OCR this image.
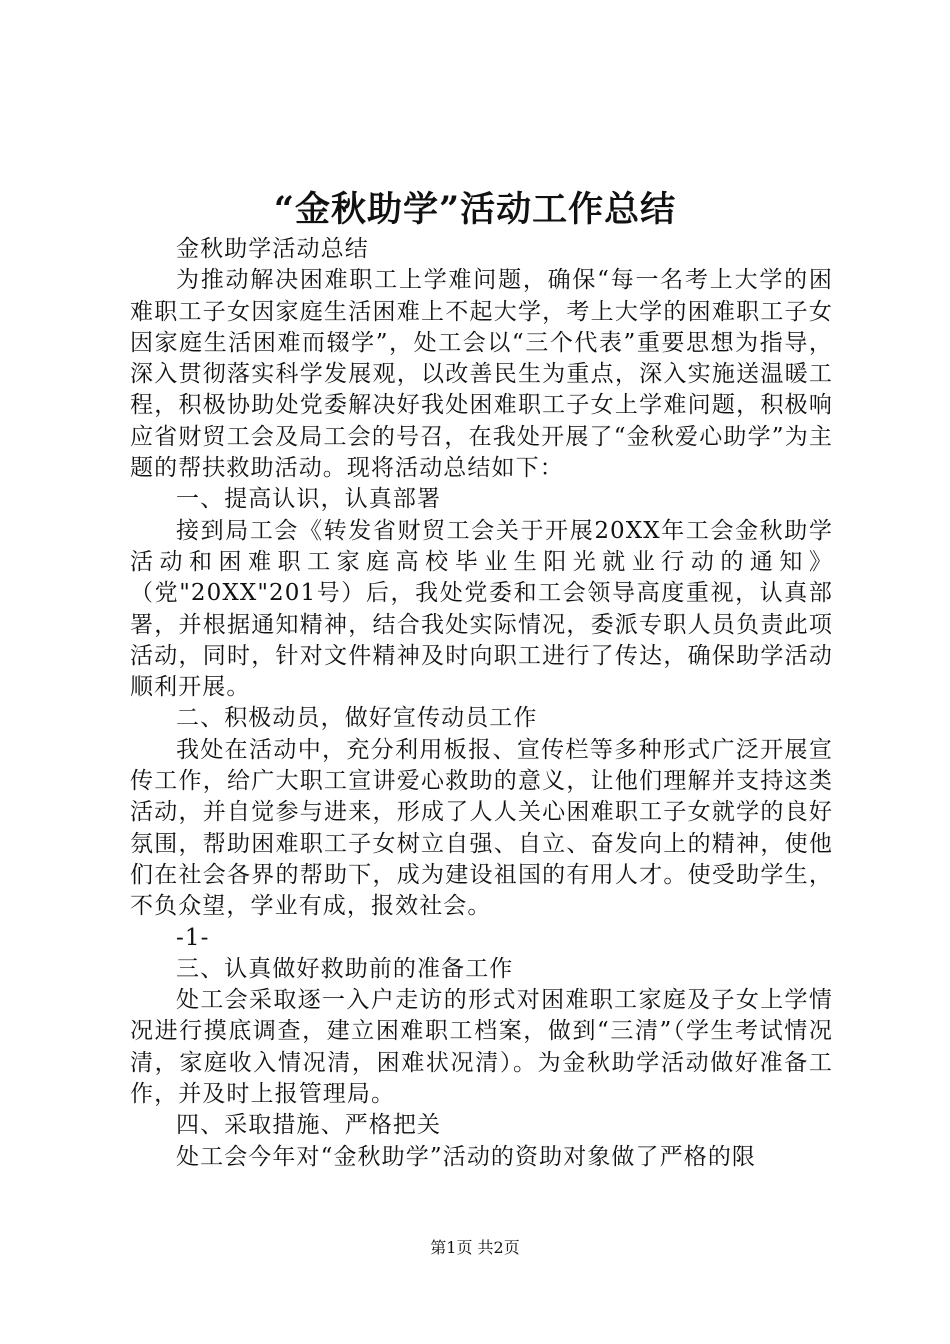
“金秋助学”活动工作总结

金秋助学活动总结

为推动解决困难职工上学难问题，确保“每一名考上大学的困难职工子女因家庭生活困难上不起大学，考上大学的困难职工子女因家庭生活困难而辍学”，处工会以“三个代表”重要思想为指导，深入贯彻落实科学发展观，以改善民生为重点，深入实施送温暖工程，积极协助处党委解决好我处困难职工子女上学难问题，积极响应省财贸工会及局工会的号召，在我处开展了“金秋爱心助学”为主题的帮扶救助活动。现将活动总结如下：

一、提高认识，认真部署

接到局工会《转发省财贸工会关于开展20XX年工会金秋助学活动和困难职工家庭高校毕业生阳光就业行动的通知》（党"20XX"201号）后，我处党委和工会领导高度重视，认真部署，并根据通知精神，结合我处实际情况，委派专职人员负责此项活动，同时，针对文件精神及时向职工进行了传达，确保助学活动顺利开展。

二、积极动员，做好宣传动员工作

我处在活动中，充分利用板报、宣传栏等多种形式广泛开展宣传工作，给广大职工宣讲爱心救助的意义，让他们理解并支持这类活动，并自觉参与进来，形成了人人关心困难职工子女就学的良好氛围，帮助困难职工子女树立自强、自立、奋发向上的精神，使他们在社会各界的帮助下，成为建设祖国的有用人才。使受助学生，不负众望，学业有成，报效社会。

-1-

三、认真做好救助前的准备工作

处工会采取逐一入户走访的形式对困难职工家庭及子女上学情况进行摸底调查，建立困难职工档案，做到“三清”（学生考试情况清，家庭收入情况清，困难状况清）。为金秋助学活动做好准备工作，并及时上报管理局。

四、采取措施、严格把关

处工会今年对“金秋助学”活动的资助对象做了严格的限

第1页 共2页
